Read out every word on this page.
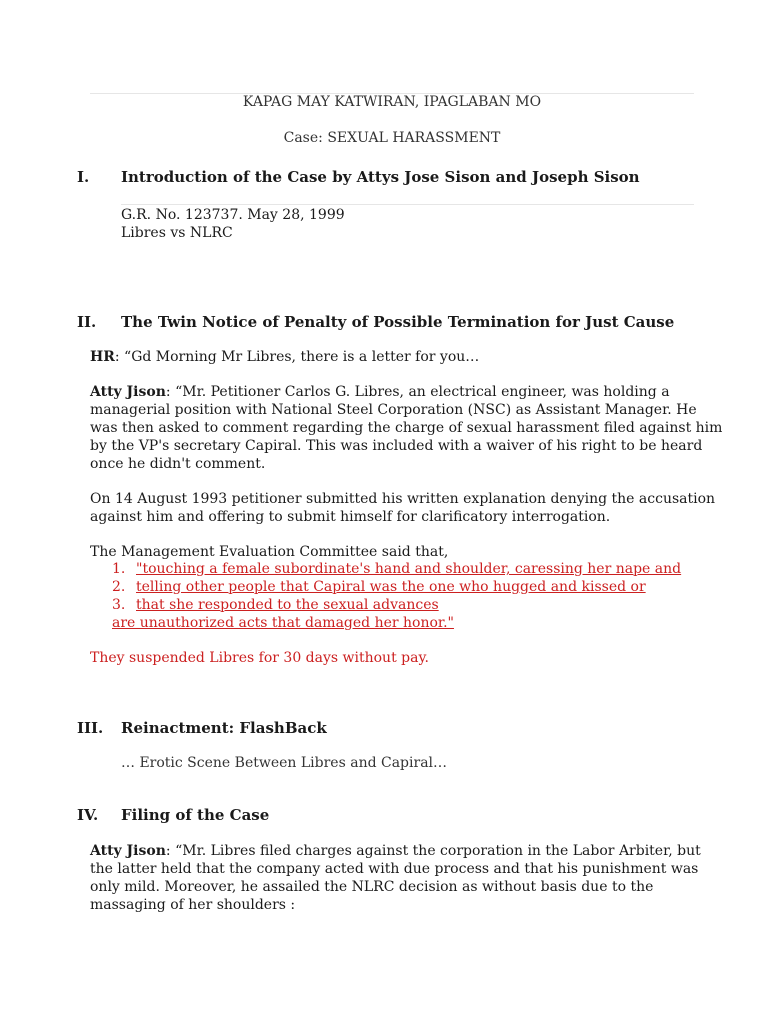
KAPAG MAY KATWIRAN, IPAGLABAN MO
Case: SEXUAL HARASSMENT
I. Introduction of the Case by Attys Jose Sison and Joseph Sison
G.R. No. 123737. May 28, 1999
Libres vs NLRC
II. The Twin Notice of Penalty of Possible Termination for Just Cause
HR: “Gd Morning Mr Libres, there is a letter for you…

Atty Jison: “Mr. Petitioner Carlos G. Libres, an electrical engineer, was holding a

managerial position with National Steel Corporation (NSC) as Assistant Manager. He

was then asked to comment regarding the charge of sexual harassment filed against him

by the VP's secretary Capiral. This was included with a waiver of his right to be heard

once he didn't comment.

On 14 August 1993 petitioner submitted his written explanation denying the accusation

against him and offering to submit himself for clarificatory interrogation.

The Management Evaluation Committee said that,

1. "touching a female subordinate's hand and shoulder, caressing her nape and

2. telling other people that Capiral was the one who hugged and kissed or

3. that she responded to the sexual advances

are unauthorized acts that damaged her honor."

They suspended Libres for 30 days without pay.
III. Reinactment: FlashBack
… Erotic Scene Between Libres and Capiral…
IV. Filing of the Case

Atty Jison: “Mr. Libres filed charges against the corporation in the Labor Arbiter, but

the latter held that the company acted with due process and that his punishment was

only mild. Moreover, he assailed the NLRC decision as without basis due to the

massaging of her shoulders :
